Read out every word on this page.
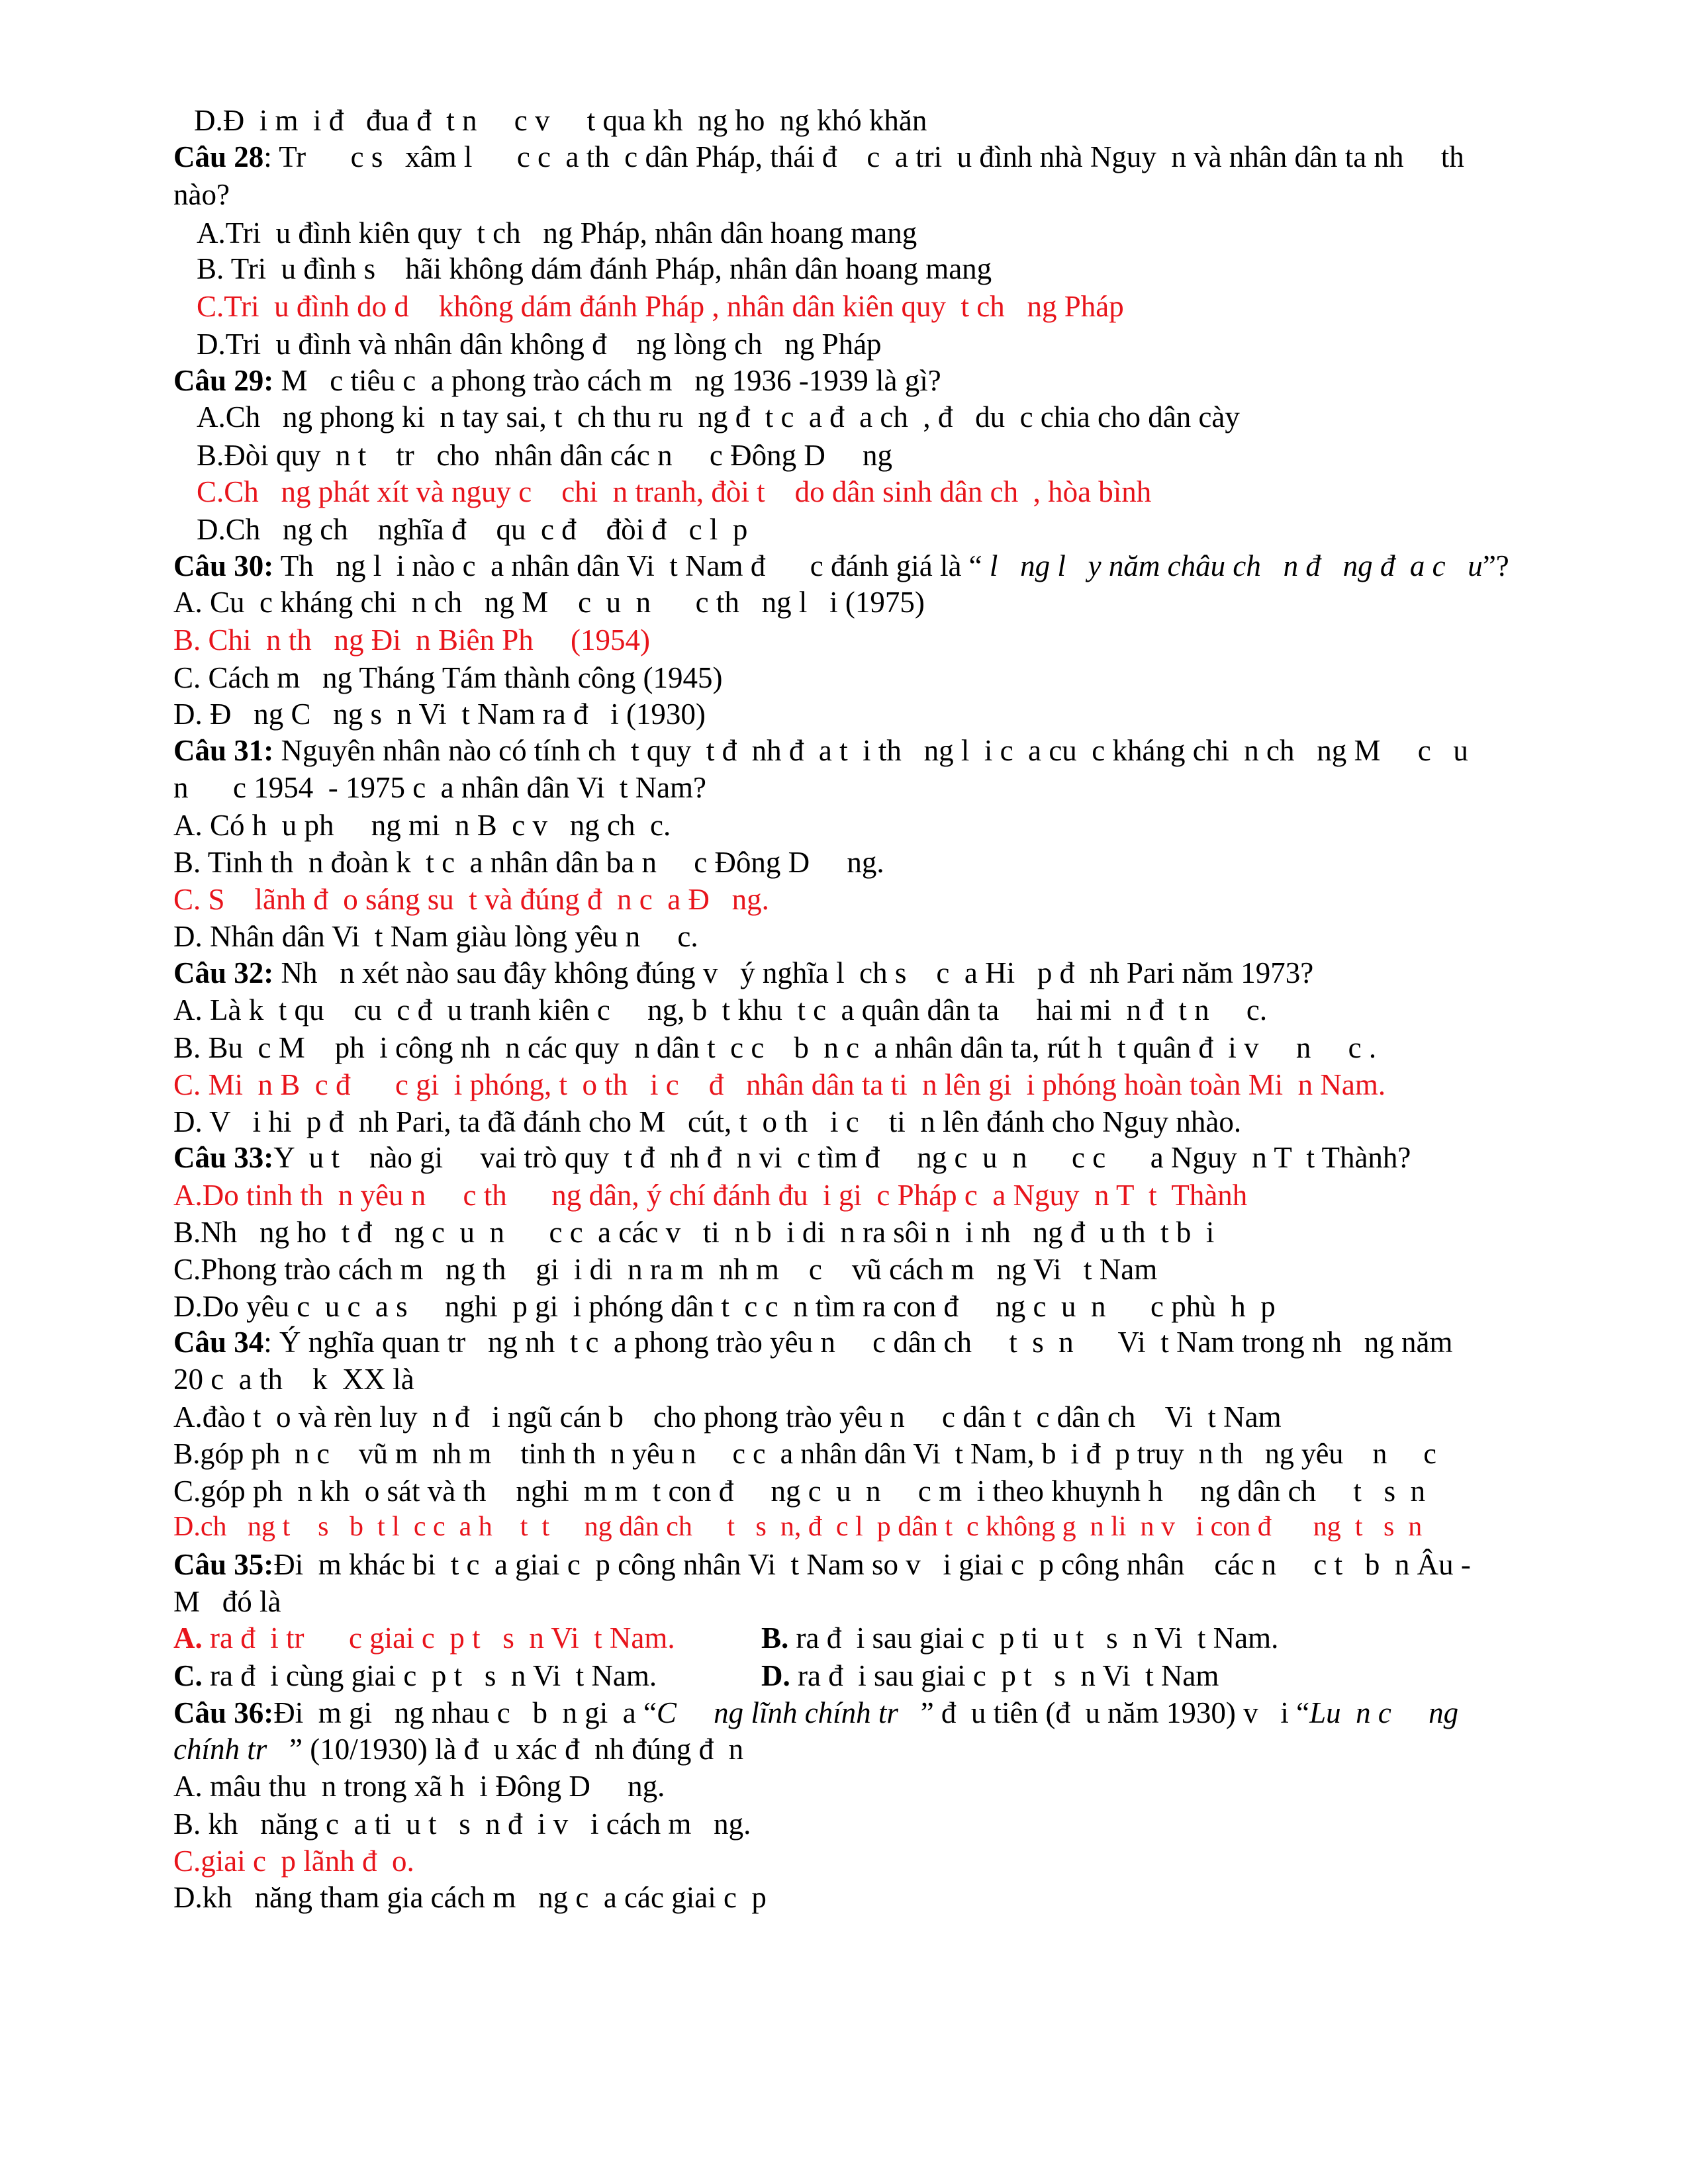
D.Đ  i m  i đ   đua đ  t n     c v     t qua kh  ng ho  ng khó khăn
Câu 28: Tr      c s   xâm l      c c  a th  c dân Pháp, thái đ    c  a tri  u đình nhà Nguy  n và nhân dân ta nh     th
nào?
A.Tri  u đình kiên quy  t ch   ng Pháp, nhân dân hoang mang
B. Tri  u đình s    hãi không dám đánh Pháp, nhân dân hoang mang
C.Tri  u đình do d    không dám đánh Pháp , nhân dân kiên quy  t ch   ng Pháp
D.Tri  u đình và nhân dân không đ    ng lòng ch   ng Pháp
Câu 29: M   c tiêu c  a phong trào cách m   ng 1936 -1939 là gì?
A.Ch   ng phong ki  n tay sai, t  ch thu ru  ng đ  t c  a đ  a ch  , đ   du  c chia cho dân cày
B.Đòi quy  n t    tr   cho  nhân dân các n     c Đông D     ng
C.Ch   ng phát xít và nguy c    chi  n tranh, đòi t    do dân sinh dân ch  , hòa bình
D.Ch   ng ch    nghĩa đ    qu  c đ    đòi đ   c l  p
Câu 30: Th   ng l  i nào c  a nhân dân Vi  t Nam đ      c đánh giá là “ l   ng l   y năm châu ch   n đ   ng đ  a c   u”?
A. Cu  c kháng chi  n ch   ng M    c  u  n      c th   ng l   i (1975)
B. Chi  n th   ng Đi  n Biên Ph     (1954)
C. Cách m   ng Tháng Tám thành công (1945)
D. Đ   ng C   ng s  n Vi  t Nam ra đ   i (1930)
Câu 31: Nguyên nhân nào có tính ch  t quy  t đ  nh đ  a t  i th   ng l  i c  a cu  c kháng chi  n ch   ng M     c   u
n      c 1954  - 1975 c  a nhân dân Vi  t Nam?
A. Có h  u ph     ng mi  n B  c v   ng ch  c.
B. Tinh th  n đoàn k  t c  a nhân dân ba n     c Đông D     ng.
C. S    lãnh đ  o sáng su  t và đúng đ  n c  a Đ   ng.
D. Nhân dân Vi  t Nam giàu lòng yêu n     c.
Câu 32: Nh   n xét nào sau đây không đúng v   ý nghĩa l  ch s    c  a Hi   p đ  nh Pari năm 1973?
A. Là k  t qu    cu  c đ  u tranh kiên c     ng, b  t khu  t c  a quân dân ta     hai mi  n đ  t n     c.
B. Bu  c M    ph  i công nh  n các quy  n dân t  c c    b  n c  a nhân dân ta, rút h  t quân đ  i v     n     c .
C. Mi  n B  c đ      c gi  i phóng, t  o th   i c    đ   nhân dân ta ti  n lên gi  i phóng hoàn toàn Mi  n Nam.
D. V   i hi  p đ  nh Pari, ta đã đánh cho M   cút, t  o th   i c    ti  n lên đánh cho Nguy nhào.
Câu 33:Y  u t    nào gi     vai trò quy  t đ  nh đ  n vi  c tìm đ     ng c  u  n      c c      a Nguy  n T  t Thành?
A.Do tinh th  n yêu n     c th      ng dân, ý chí đánh đu  i gi  c Pháp c  a Nguy  n T  t  Thành
B.Nh   ng ho  t đ   ng c  u  n      c c  a các v   ti  n b  i di  n ra sôi n  i nh   ng đ  u th  t b  i
C.Phong trào cách m   ng th    gi  i di  n ra m  nh m    c    vũ cách m   ng Vi   t Nam
D.Do yêu c  u c  a s     nghi  p gi  i phóng dân t  c c  n tìm ra con đ     ng c  u  n      c phù  h  p
Câu 34: Ý nghĩa quan tr   ng nh  t c  a phong trào yêu n     c dân ch     t  s  n      Vi  t Nam trong nh   ng năm
20 c  a th    k  XX là
A.đào t  o và rèn luy  n đ   i ngũ cán b    cho phong trào yêu n     c dân t  c dân ch    Vi  t Nam
B.góp ph  n c    vũ m  nh m    tinh th  n yêu n     c c  a nhân dân Vi  t Nam, b  i đ  p truy  n th   ng yêu    n     c
C.góp ph  n kh  o sát và th    nghi  m m  t con đ     ng c  u  n     c m  i theo khuynh h     ng dân ch     t   s  n
D.ch   ng t    s   b  t l  c c  a h    t  t     ng dân ch     t   s  n, đ  c l  p dân t  c không g  n li  n v   i con đ      ng  t   s  n
Câu 35:Đi  m khác bi  t c  a giai c  p công nhân Vi  t Nam so v   i giai c  p công nhân    các n     c t   b  n Âu -
M   đó là
A. ra đ  i tr      c giai c  p t   s  n Vi  t Nam.	B. ra đ  i sau giai c  p ti  u t   s  n Vi  t Nam.
C. ra đ  i cùng giai c  p t   s  n Vi  t Nam.	D. ra đ  i sau giai c  p t   s  n Vi  t Nam
Câu 36:Đi  m gi   ng nhau c   b  n gi  a “C     ng lĩnh chính tr   ” đ  u tiên (đ  u năm 1930) v   i “Lu  n c     ng
chính tr   ” (10/1930) là đ  u xác đ  nh đúng đ  n
A. mâu thu  n trong xã h  i Đông D     ng.
B. kh   năng c  a ti  u t   s  n đ  i v   i cách m   ng.
C.giai c  p lãnh đ  o.
D.kh   năng tham gia cách m   ng c  a các giai c  p
